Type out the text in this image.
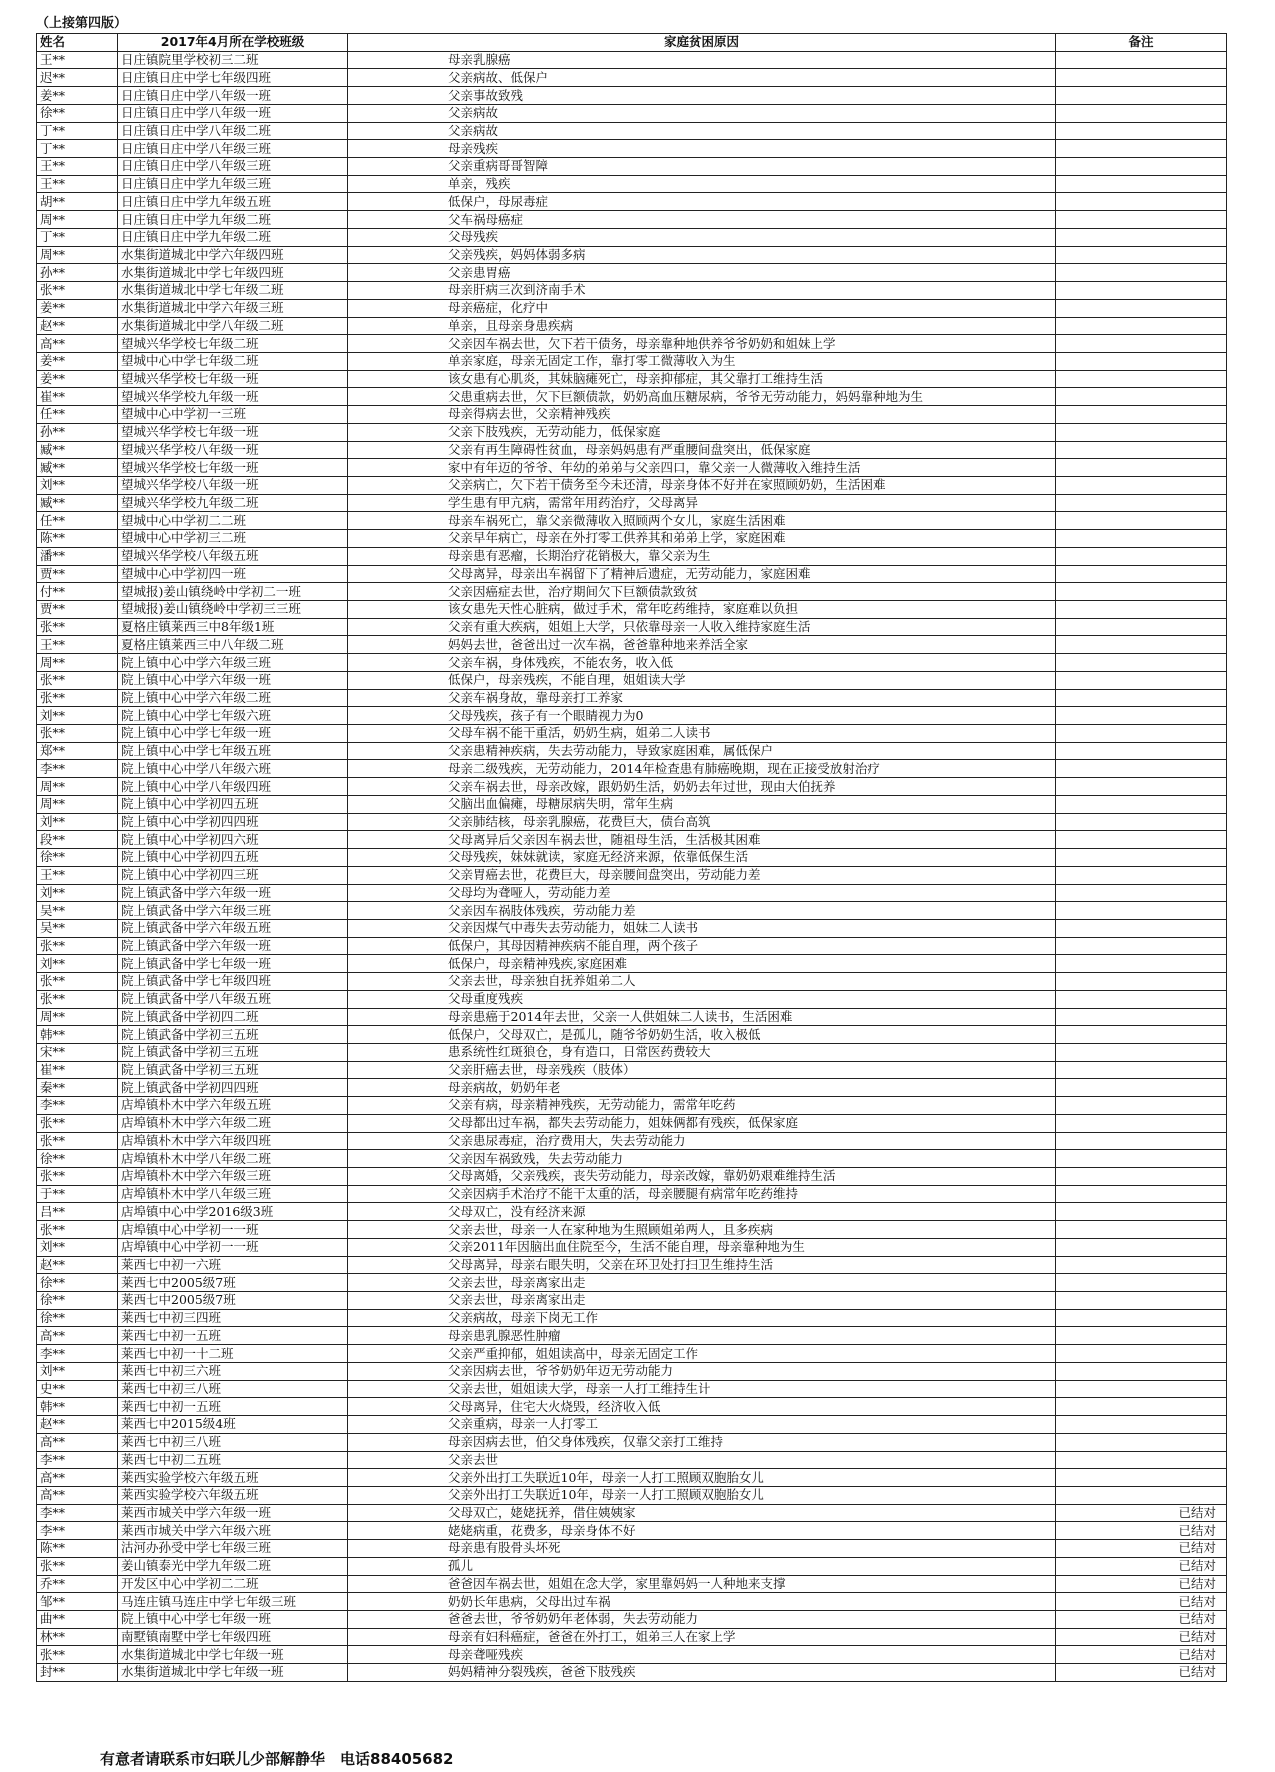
（上接第四版）
姓名	2017年4月所在学校班级	家庭贫困原因	备注
王**	日庄镇院里学校初三二班	母亲乳腺癌	
迟**	日庄镇日庄中学七年级四班	父亲病故、低保户	
姜**	日庄镇日庄中学八年级一班	父亲事故致残	
徐**	日庄镇日庄中学八年级一班	父亲病故	
丁**	日庄镇日庄中学八年级二班	父亲病故	
丁**	日庄镇日庄中学八年级三班	母亲残疾	
王**	日庄镇日庄中学八年级三班	父亲重病哥哥智障	
王**	日庄镇日庄中学九年级三班	单亲，残疾	
胡**	日庄镇日庄中学九年级五班	低保户，母尿毒症	
周**	日庄镇日庄中学九年级二班	父车祸母癌症	
丁**	日庄镇日庄中学九年级二班	父母残疾	
周**	水集街道城北中学六年级四班	父亲残疾，妈妈体弱多病	
孙**	水集街道城北中学七年级四班	父亲患胃癌	
张**	水集街道城北中学七年级二班	母亲肝病三次到济南手术	
姜**	水集街道城北中学六年级三班	母亲癌症，化疗中	
赵**	水集街道城北中学八年级二班	单亲，且母亲身患疾病	
高**	望城兴华学校七年级二班	父亲因车祸去世，欠下若干债务，母亲靠种地供养爷爷奶奶和姐妹上学	
姜**	望城中心中学七年级二班	单亲家庭，母亲无固定工作，靠打零工微薄收入为生	
姜**	望城兴华学校七年级一班	该女患有心肌炎，其妹脑瘫死亡，母亲抑郁症，其父靠打工维持生活	
崔**	望城兴华学校九年级一班	父患重病去世，欠下巨额债款，奶奶高血压糖尿病，爷爷无劳动能力，妈妈靠种地为生	
任**	望城中心中学初一三班	母亲得病去世，父亲精神残疾	
孙**	望城兴华学校七年级一班	父亲下肢残疾，无劳动能力，低保家庭	
臧**	望城兴华学校八年级一班	父亲有再生障碍性贫血，母亲妈妈患有严重腰间盘突出，低保家庭	
臧**	望城兴华学校七年级一班	家中有年迈的爷爷、年幼的弟弟与父亲四口，靠父亲一人微薄收入维持生活	
刘**	望城兴华学校八年级一班	父亲病亡，欠下若干债务至今未还清，母亲身体不好并在家照顾奶奶，生活困难	
臧**	望城兴华学校九年级二班	学生患有甲亢病，需常年用药治疗，父母离异	
任**	望城中心中学初二二班	母亲车祸死亡，靠父亲微薄收入照顾两个女儿，家庭生活困难	
陈**	望城中心中学初三二班	父亲早年病亡，母亲在外打零工供养其和弟弟上学，家庭困难	
潘**	望城兴华学校八年级五班	母亲患有恶瘤，长期治疗花销极大，靠父亲为生	
贾**	望城中心中学初四一班	父母离异，母亲出车祸留下了精神后遗症，无劳动能力，家庭困难	
付**	望城报)姜山镇绕岭中学初二一班	父亲因癌症去世，治疗期间欠下巨额债款致贫	
贾**	望城报)姜山镇绕岭中学初三三班	该女患先天性心脏病，做过手术，常年吃药维持，家庭难以负担	
张**	夏格庄镇莱西三中8年级1班	父亲有重大疾病，姐姐上大学，只依靠母亲一人收入维持家庭生活	
王**	夏格庄镇莱西三中八年级二班	妈妈去世，爸爸出过一次车祸，爸爸靠种地来养活全家	
周**	院上镇中心中学六年级三班	父亲车祸，身体残疾，不能农务，收入低	
张**	院上镇中心中学六年级一班	低保户，母亲残疾，不能自理，姐姐读大学	
张**	院上镇中心中学六年级二班	父亲车祸身故，靠母亲打工养家	
刘**	院上镇中心中学七年级六班	父母残疾，孩子有一个眼睛视力为0	
张**	院上镇中心中学七年级一班	父母车祸不能干重活，奶奶生病，姐弟二人读书	
郑**	院上镇中心中学七年级五班	父亲患精神疾病，失去劳动能力，导致家庭困难，属低保户	
李**	院上镇中心中学八年级六班	母亲二级残疾，无劳动能力，2014年检查患有肺癌晚期，现在正接受放射治疗	
周**	院上镇中心中学八年级四班	父亲车祸去世，母亲改嫁，跟奶奶生活，奶奶去年过世，现由大伯抚养	
周**	院上镇中心中学初四五班	父脑出血偏瘫，母糖尿病失明，常年生病	
刘**	院上镇中心中学初四四班	父亲肺结核，母亲乳腺癌，花费巨大，债台高筑	
段**	院上镇中心中学初四六班	父母离异后父亲因车祸去世，随祖母生活，生活极其困难	
徐**	院上镇中心中学初四五班	父母残疾，妹妹就读，家庭无经济来源，依靠低保生活	
王**	院上镇中心中学初四三班	父亲胃癌去世，花费巨大，母亲腰间盘突出，劳动能力差	
刘**	院上镇武备中学六年级一班	父母均为聋哑人，劳动能力差	
吴**	院上镇武备中学六年级三班	父亲因车祸肢体残疾，劳动能力差	
吴**	院上镇武备中学六年级五班	父亲因煤气中毒失去劳动能力，姐妹二人读书	
张**	院上镇武备中学六年级一班	低保户，其母因精神疾病不能自理，两个孩子	
刘**	院上镇武备中学七年级一班	低保户，母亲精神残疾,家庭困难	
张**	院上镇武备中学七年级四班	父亲去世，母亲独自抚养姐弟二人	
张**	院上镇武备中学八年级五班	父母重度残疾	
周**	院上镇武备中学初四二班	母亲患癌于2014年去世，父亲一人供姐妹二人读书，生活困难	
韩**	院上镇武备中学初三五班	低保户，父母双亡，是孤儿，随爷爷奶奶生活，收入极低	
宋**	院上镇武备中学初三五班	患系统性红斑狼仓，身有造口，日常医药费较大	
崔**	院上镇武备中学初三五班	父亲肝癌去世，母亲残疾（肢体）	
秦**	院上镇武备中学初四四班	母亲病故，奶奶年老	
李**	店埠镇朴木中学六年级五班	父亲有病，母亲精神残疾，无劳动能力，需常年吃药	
张**	店埠镇朴木中学六年级二班	父母都出过车祸，都失去劳动能力，姐妹俩都有残疾，低保家庭	
张**	店埠镇朴木中学六年级四班	父亲患尿毒症，治疗费用大，失去劳动能力	
徐**	店埠镇朴木中学八年级二班	父亲因车祸致残，失去劳动能力	
张**	店埠镇朴木中学六年级三班	父母离婚，父亲残疾，丧失劳动能力，母亲改嫁，靠奶奶艰难维持生活	
于**	店埠镇朴木中学八年级三班	父亲因病手术治疗不能干太重的活，母亲腰腿有病常年吃药维持	
吕**	店埠镇中心中学2016级3班	父母双亡，没有经济来源	
张**	店埠镇中心中学初一一班	父亲去世，母亲一人在家种地为生照顾姐弟两人，且多疾病	
刘**	店埠镇中心中学初一一班	父亲2011年因脑出血住院至今，生活不能自理，母亲靠种地为生	
赵**	莱西七中初一六班	父母离异，母亲右眼失明，父亲在环卫处打扫卫生维持生活	
徐**	莱西七中2005级7班	父亲去世，母亲离家出走	
徐**	莱西七中2005级7班	父亲去世，母亲离家出走	
徐**	莱西七中初三四班	父亲病故，母亲下岗无工作	
高**	莱西七中初一五班	母亲患乳腺恶性肿瘤	
李**	莱西七中初一十二班	父亲严重抑郁，姐姐读高中，母亲无固定工作	
刘**	莱西七中初三六班	父亲因病去世，爷爷奶奶年迈无劳动能力	
史**	莱西七中初三八班	父亲去世，姐姐读大学，母亲一人打工维持生计	
韩**	莱西七中初一五班	父母离异，住宅大火烧毁，经济收入低	
赵**	莱西七中2015级4班	父亲重病，母亲一人打零工	
高**	莱西七中初三八班	母亲因病去世，伯父身体残疾，仅靠父亲打工维持	
李**	莱西七中初二五班	父亲去世	
高**	莱西实验学校六年级五班	父亲外出打工失联近10年，母亲一人打工照顾双胞胎女儿	
高**	莱西实验学校六年级五班	父亲外出打工失联近10年，母亲一人打工照顾双胞胎女儿	
李**	莱西市城关中学六年级一班	父母双亡，姥姥抚养，借住姨姨家	已结对
李**	莱西市城关中学六年级六班	姥姥病重，花费多，母亲身体不好	已结对
陈**	沽河办孙受中学七年级三班	母亲患有股骨头坏死	已结对
张**	姜山镇泰光中学九年级二班	孤儿	已结对
乔**	开发区中心中学初二二班	爸爸因车祸去世，姐姐在念大学，家里靠妈妈一人种地来支撑	已结对
邹**	马连庄镇马连庄中学七年级三班	奶奶长年患病，父母出过车祸	已结对
曲**	院上镇中心中学七年级一班	爸爸去世，爷爷奶奶年老体弱，失去劳动能力	已结对
林**	南墅镇南墅中学七年级四班	母亲有妇科癌症，爸爸在外打工，姐弟三人在家上学	已结对
张**	水集街道城北中学七年级一班	母亲聋哑残疾	已结对
封**	水集街道城北中学七年级一班	妈妈精神分裂残疾，爸爸下肢残疾	已结对
有意者请联系市妇联儿少部解静华　电话88405682
